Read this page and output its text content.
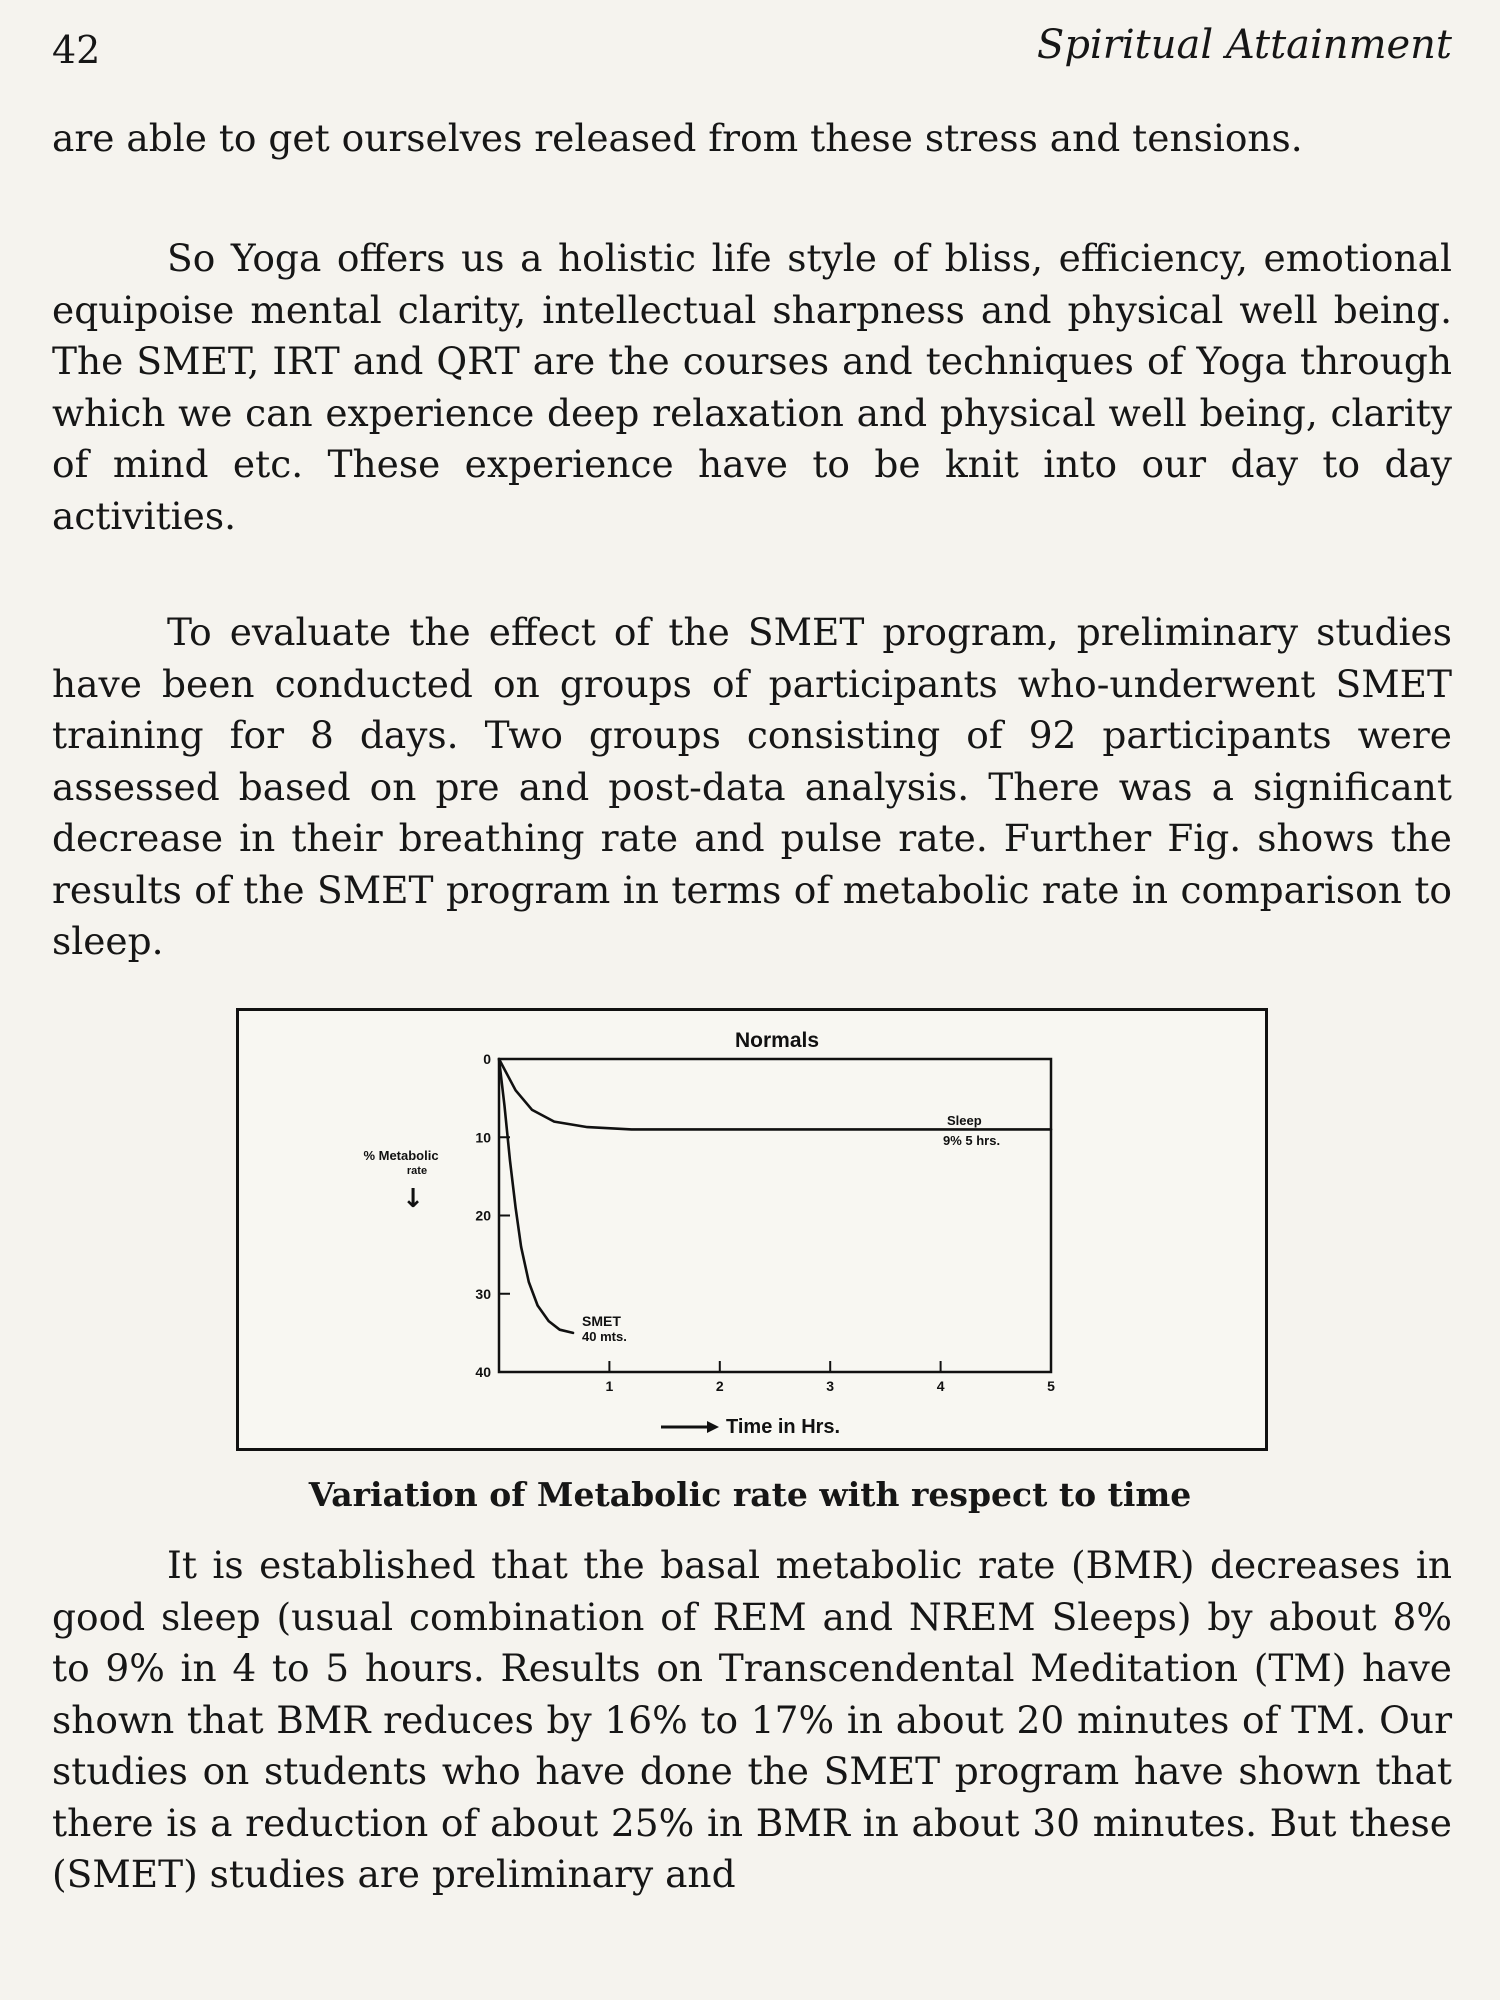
42	Spiritual Attainment

are able to get ourselves released from these stress and tensions.

So Yoga offers us a holistic life style of bliss, efficiency, emotional equipoise mental clarity, intellectual sharpness and physical well being. The SMET, IRT and QRT are the courses and techniques of Yoga through which we can experience deep relaxation and physical well being, clarity of mind etc. These experience have to be knit into our day to day activities.

To evaluate the effect of the SMET program, preliminary studies have been conducted on groups of participants who-underwent SMET training for 8 days. Two groups consisting of 92 participants were assessed based on pre and post-data analysis. There was a significant decrease in their breathing rate and pulse rate. Further Fig. shows the results of the SMET program in terms of metabolic rate in comparison to sleep.

Normals
% Metabolic
rate
↓
0
10
20
30
40
1	2	3	4	5
Sleep
9% 5 hrs.
SMET
40 mts.
Time in Hrs.

Variation of Metabolic rate with respect to time

It is established that the basal metabolic rate (BMR) decreases in good sleep (usual combination of REM and NREM Sleeps) by about 8% to 9% in 4 to 5 hours. Results on Transcendental Meditation (TM) have shown that BMR reduces by 16% to 17% in about 20 minutes of TM. Our studies on students who have done the SMET program have shown that there is a reduction of about 25% in BMR in about 30 minutes. But these (SMET) studies are preliminary and
